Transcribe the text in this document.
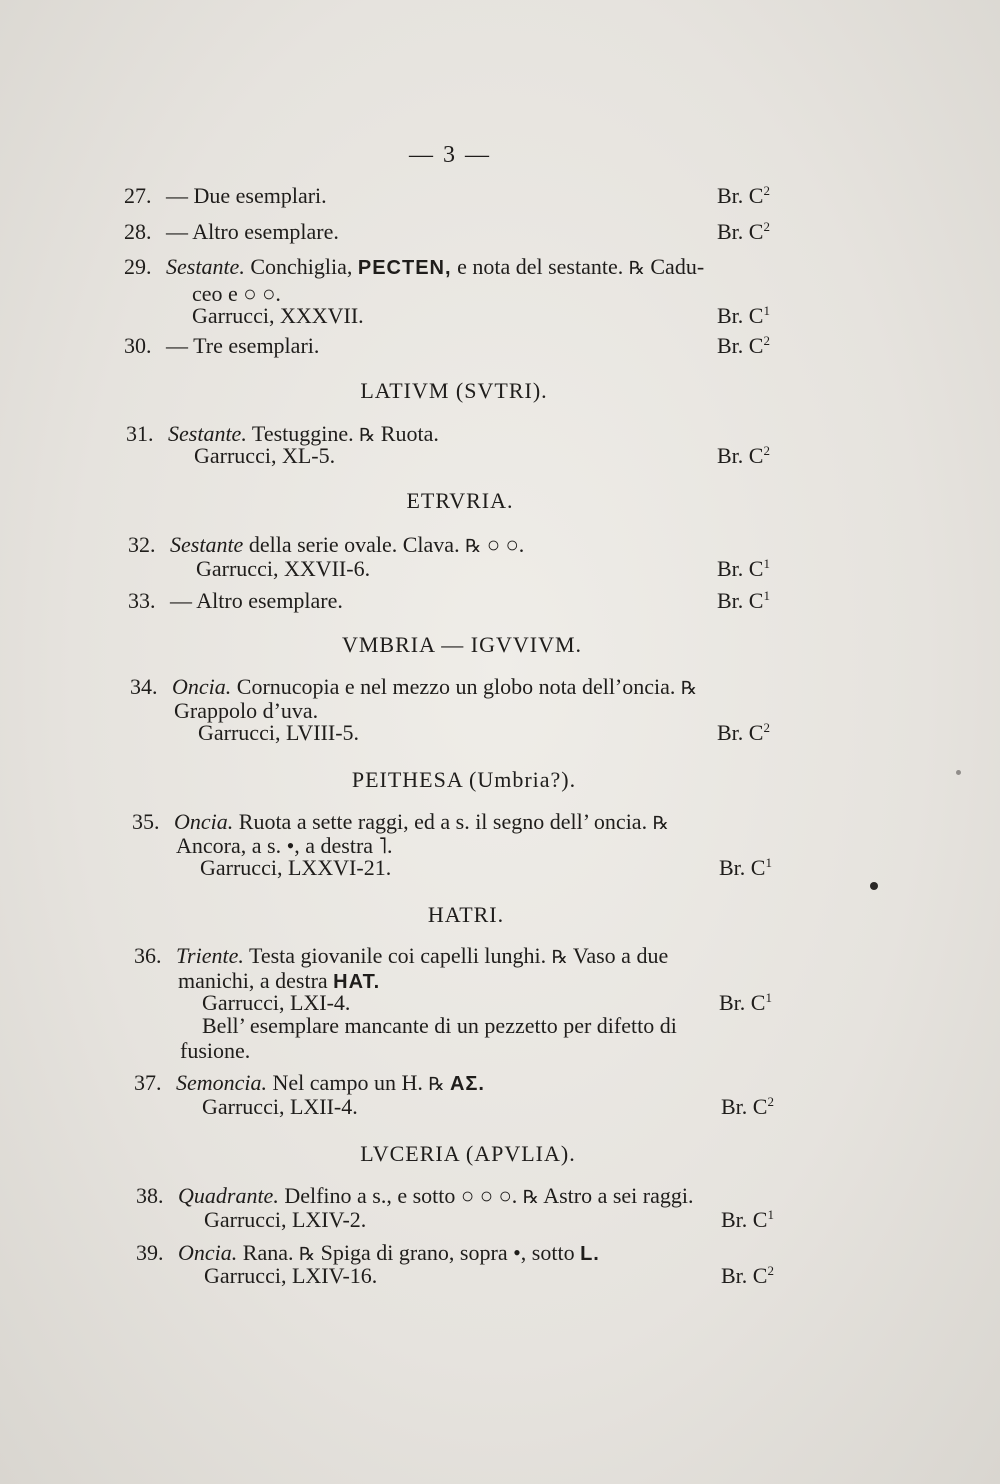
— 3 —
27. — Due esemplari.	Br. $C^2$
28. — Altro esemplare.	Br. $C^2$
29. Sestante. Conchiglia, PECTEN, e nota del sestante. ℞ Cadu-
ceo e ○ ○.
Garrucci, XXXVII.	Br. $C^1$
30. — Tre esemplari.	Br. $C^2$
LATIVM (SVTRI).
31. Sestante. Testuggine. ℞ Ruota.
Garrucci, XL-5.	Br. $C^2$
ETRVRIA.
32. Sestante della serie ovale. Clava. ℞ ○ ○.
Garrucci, XXVII-6.	Br. $C^1$
33. — Altro esemplare.	Br. $C^1$
VMBRIA — IGVVIVM.
34. Oncia. Cornucopia e nel mezzo un globo nota dell’oncia. ℞
Grappolo d’uva.
Garrucci, LVIII-5.	Br. $C^2$
PEITHESA (Umbria?).
35. Oncia. Ruota a sette raggi, ed a s. il segno dell’ oncia. ℞
Ancora, a s. •, a destra ˥.
Garrucci, LXXVI-21.	Br. $C^1$
HATRI.
36. Triente. Testa giovanile coi capelli lunghi. ℞ Vaso a due
manichi, a destra HAT.
Garrucci, LXI-4.	Br. $C^1$
Bell’ esemplare mancante di un pezzetto per difetto di
fusione.
37. Semoncia. Nel campo un H. ℞ ΑΣ.
Garrucci, LXII-4.	Br. $C^2$
LVCERIA (APVLIA).
38. Quadrante. Delfino a s., e sotto ○ ○ ○. ℞ Astro a sei raggi.
Garrucci, LXIV-2.	Br. $C^1$
39. Oncia. Rana. ℞ Spiga di grano, sopra •, sotto L.
Garrucci, LXIV-16.	Br. $C^2$
